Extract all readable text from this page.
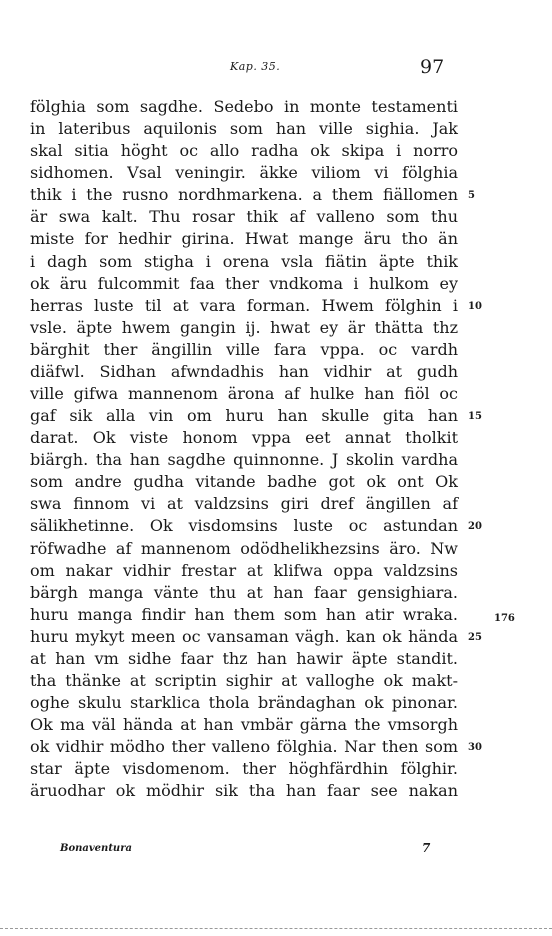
Kap. 35.	97
fölghia som sagdhe. Sedebo in monte testamenti
in lateribus aquilonis som han ville sighia. Jak
skal sitia höght oc allo radha ok skipa i norro
sidhomen. Vsal veningir. äkke viliom vi fölghia
thik i the rusno nordhmarkena. a them fiällomen 5
är swa kalt. Thu rosar thik af valleno som thu
miste for hedhir girina. Hwat mange äru tho än
i dagh som stigha i orena vsla fiätin äpte thik
ok äru fulcommit faa ther vndkoma i hulkom ey
herras luste til at vara forman. Hwem fölghin i 10
vsle. äpte hwem gangin ij. hwat ey är thätta thz
bärghit ther ängillin ville fara vppa. oc vardh
diäfwl. Sidhan afwndadhis han vidhir at gudh
ville gifwa mannenom ärona af hulke han fiöl oc
gaf sik alla vin om huru han skulle gita han 15
darat. Ok viste honom vppa eet annat tholkit
biärgh. tha han sagdhe quinnonne. J skolin vardha
som andre gudha vitande badhe got ok ont Ok
swa finnom vi at valdzsins giri dref ängillen af
sälikhetinne. Ok visdomsins luste oc astundan 20
röfwadhe af mannenom odödhelikhezsins äro. Nw
om nakar vidhir frestar at klifwa oppa valdzsins
bärgh manga vänte thu at han faar gensighiara.
huru manga findir han them som han atir wraka.
huru mykyt meen oc vansaman vägh. kan ok hända 25
at han vm sidhe faar thz han hawir äpte standit.
tha thänke at scriptin sighir at valloghe ok makt-
oghe skulu starklica thola brändaghan ok pinonar.
Ok ma väl hända at han vmbär gärna the vmsorgh
ok vidhir mödho ther valleno fölghia. Nar then som 30
star äpte visdomenom. ther höghfärdhin fölghir.
äruodhar ok mödhir sik tha han faar see nakan
176
Bonaventura	7
